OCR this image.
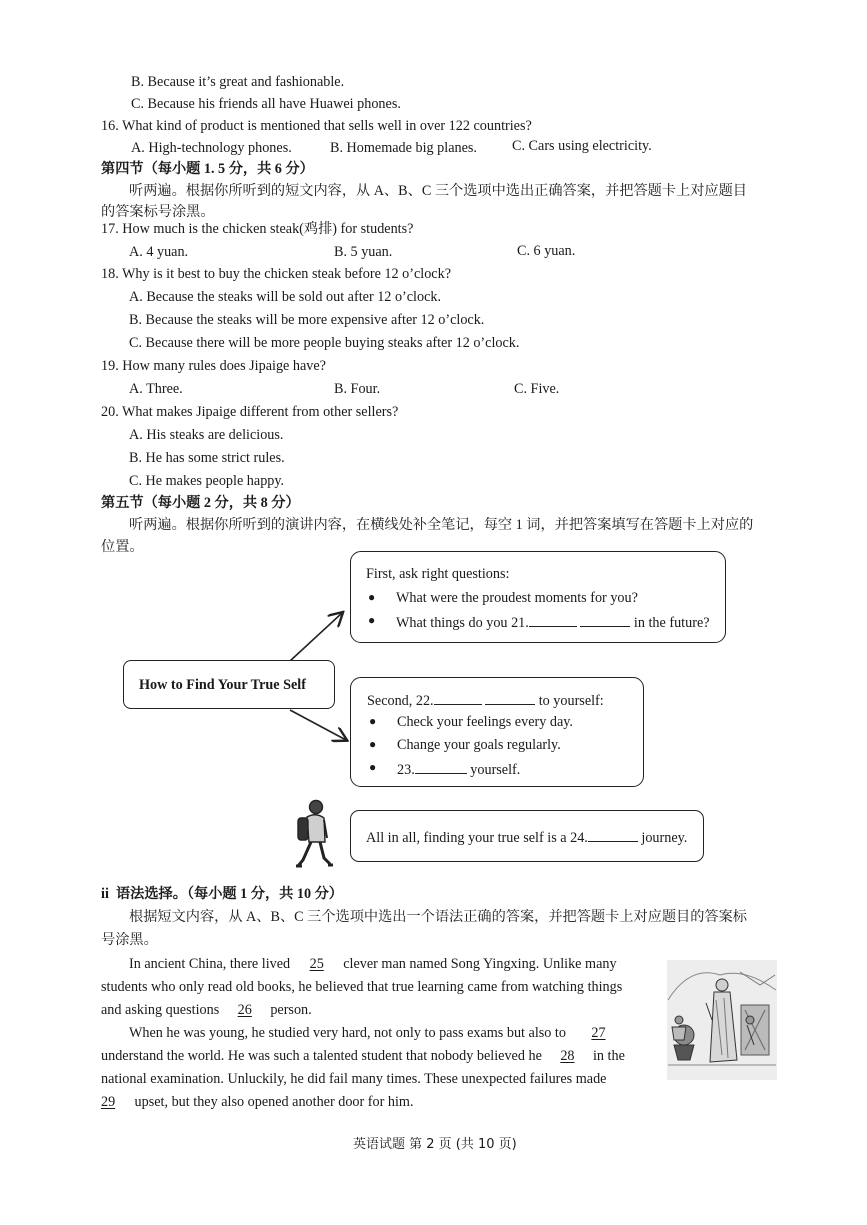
B. Because it’s great and fashionable.
C. Because his friends all have Huawei phones.
16. What kind of product is mentioned that sells well in over 122 countries?
A. High-technology phones.	B. Homemade big planes. C. Cars using electricity.
第四节（每小题 1. 5 分，共 6 分）
听两遍。根据你所听到的短文内容，从 A、B、C 三个选项中选出正确答案，并把答题卡上对应题目
的答案标号涂黑。
17. How much is the chicken steak(鸡排) for students?
A. 4 yuan.	B. 5 yuan.	C. 6 yuan.
18. Why is it best to buy the chicken steak before 12 o’clock?
A. Because the steaks will be sold out after 12 o’clock.
B. Because the steaks will be more expensive after 12 o’clock.
C. Because there will be more people buying steaks after 12 o’clock.
19. How many rules does Jipaige have?
A. Three.	B. Four.	C. Five.
20. What makes Jipaige different from other sellers?
A. His steaks are delicious.
B. He has some strict rules.
C. He makes people happy.
第五节（每小题 2 分，共 8 分）
听两遍。根据你所听到的演讲内容，在横线处补全笔记，每空 1 词，并把答案填写在答题卡上对应的
位置。
How to Find Your True Self
First, ask right questions:
● What were the proudest moments for you?
● What things do you 21.	in the future?
Second, 22.	to yourself:
● Check your feelings every day.
● Change your goals regularly.
● 23.	yourself.
All in all, finding your true self is a 24.	journey.
ii 语法选择。（每小题 1 分，共 10 分）
根据短文内容，从 A、B、C 三个选项中选出一个语法正确的答案，并把答题卡上对应题目的答案标
号涂黑。
In ancient China, there lived 25 clever man named Song Yingxing. Unlike many
students who only read old books, he believed that true learning came from watching things
and asking questions 26 person.
When he was young, he studied very hard, not only to pass exams but also to 27
understand the world. He was such a talented student that nobody believed he 28 in the
national examination. Unluckily, he did fail many times. These unexpected failures made
29 upset, but they also opened another door for him.
英语试题 第 2 页 (共 10 页)
